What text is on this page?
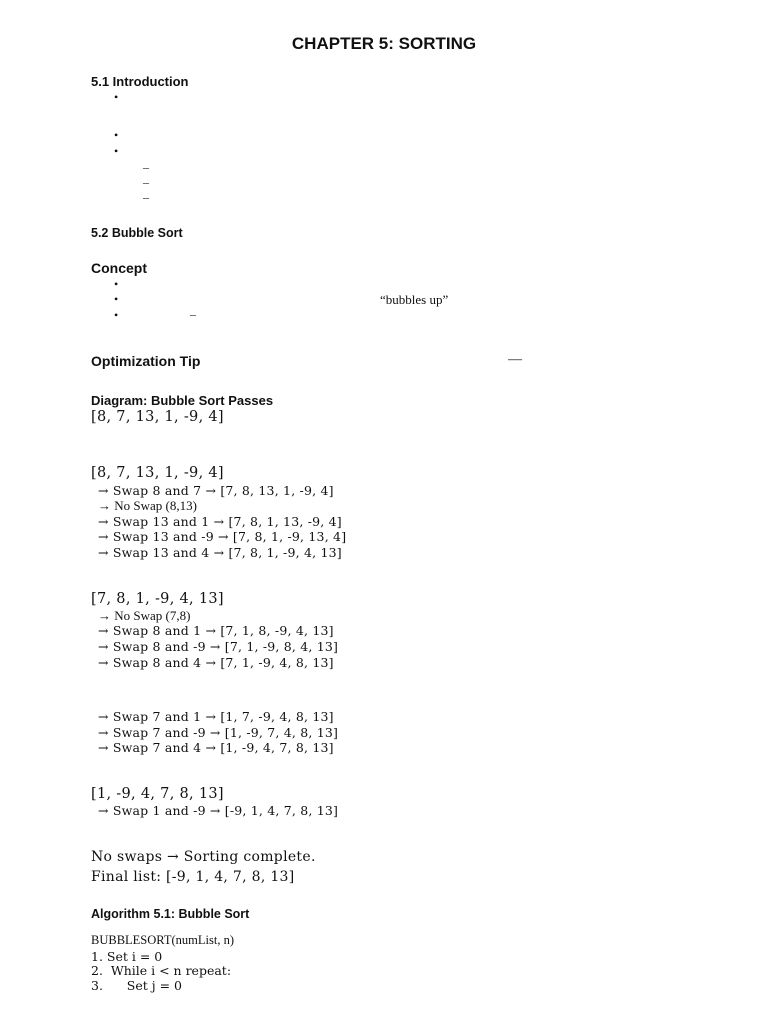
CHAPTER 5: SORTING
5.1 Introduction
•
•
•
–
–
–
5.2 Bubble Sort
Concept
•
•	“bubbles up”
•	–
Optimization Tip	—
Diagram: Bubble Sort Passes
[8, 7, 13, 1, -9, 4]
[8, 7, 13, 1, -9, 4]
→ Swap 8 and 7 → [7, 8, 13, 1, -9, 4]
→ No Swap (8,13)
→ Swap 13 and 1 → [7, 8, 1, 13, -9, 4]
→ Swap 13 and -9 → [7, 8, 1, -9, 13, 4]
→ Swap 13 and 4 → [7, 8, 1, -9, 4, 13]
[7, 8, 1, -9, 4, 13]
→ No Swap (7,8)
→ Swap 8 and 1 → [7, 1, 8, -9, 4, 13]
→ Swap 8 and -9 → [7, 1, -9, 8, 4, 13]
→ Swap 8 and 4 → [7, 1, -9, 4, 8, 13]
→ Swap 7 and 1 → [1, 7, -9, 4, 8, 13]
→ Swap 7 and -9 → [1, -9, 7, 4, 8, 13]
→ Swap 7 and 4 → [1, -9, 4, 7, 8, 13]
[1, -9, 4, 7, 8, 13]
→ Swap 1 and -9 → [-9, 1, 4, 7, 8, 13]
No swaps → Sorting complete.
Final list: [-9, 1, 4, 7, 8, 13]
Algorithm 5.1: Bubble Sort
BUBBLESORT(numList, n)
1. Set i = 0
2.  While i < n repeat:
3.      Set j = 0
